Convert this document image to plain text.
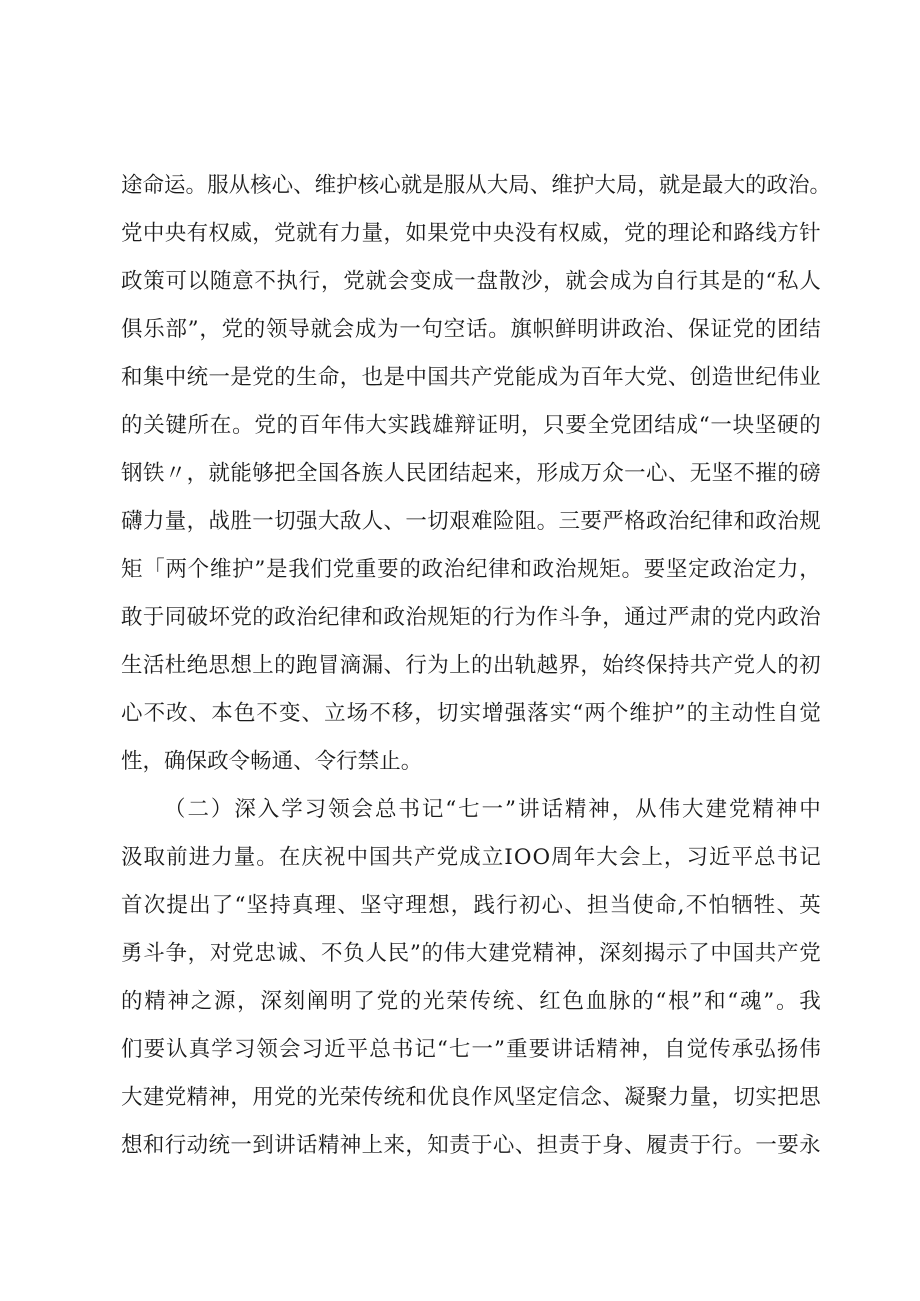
途 命 运 。 服 从 核 心 、 维 护 核 心 就 是 服 从 大 局 、 维 护 大 局 ， 就 是 最 大 的 政 治 。
党 中 央 有 权 威 ， 党 就 有 力 量 ， 如 果 党 中 央 没 有 权 威 ， 党 的 理 论 和 路 线 方 针
政 策 可 以 随 意 不 执 行 ， 党 就 会 变 成 一 盘 散 沙 ， 就 会 成 为 自 行 其 是 的 “ 私 人
俱 乐 部 ” ， 党 的 领 导 就 会 成 为 一 句 空 话 。 旗 帜 鲜 明 讲 政 治 、 保 证 党 的 团 结
和 集 中 统 一 是 党 的 生 命 ， 也 是 中 国 共 产 党 能 成 为 百 年 大 党 、 创 造 世 纪 伟 业
的 关 键 所 在 。 党 的 百 年 伟 大 实 践 雄 辩 证 明 ， 只 要 全 党 团 结 成 “ 一 块 坚 硬 的
钢 铁 〃 ， 就 能 够 把 全 国 各 族 人 民 团 结 起 来 ， 形 成 万 众 一 心 、 无 坚 不 摧 的 磅
礴 力 量 ， 战 胜 一 切 强 大 敌 人 、 一 切 艰 难 险 阻 。 三 要 严 格 政 治 纪 律 和 政 治 规
矩 「 两 个 维 护 ” 是 我 们 党 重 要 的 政 治 纪 律 和 政 治 规 矩 。 要 坚 定 政 治 定 力 ，
敢 于 同 破 坏 党 的 政 治 纪 律 和 政 治 规 矩 的 行 为 作 斗 争 ， 通 过 严 肃 的 党 内 政 治
生 活 杜 绝 思 想 上 的 跑 冒 滴 漏 、 行 为 上 的 出 轨 越 界 ， 始 终 保 持 共 产 党 人 的 初
心 不 改 、 本 色 不 变 、 立 场 不 移 ， 切 实 增 强 落 实 “ 两 个 维 护 ” 的 主 动 性 自 觉
性 ， 确 保 政 令 畅 通 、 令 行 禁 止 。
（ 二 ） 深 入 学 习 领 会 总 书 记 “ 七 一 ” 讲 话 精 神 ， 从 伟 大 建 党 精 神 中
汲 取 前 进 力 量 。 在 庆 祝 中 国 共 产 党 成 立 I O O 周 年 大 会 上 ， 习 近 平 总 书 记
首 次 提 出 了 “ 坚 持 真 理 、 坚 守 理 想 ， 践 行 初 心 、 担 当 使 命 , 不 怕 牺 牲 、 英
勇 斗 争 ， 对 党 忠 诚 、 不 负 人 民 ” 的 伟 大 建 党 精 神 ， 深 刻 揭 示 了 中 国 共 产 党
的 精 神 之 源 ， 深 刻 阐 明 了 党 的 光 荣 传 统 、 红 色 血 脉 的 “ 根 ” 和 “ 魂 ” 。 我
们 要 认 真 学 习 领 会 习 近 平 总 书 记 “ 七 一 ” 重 要 讲 话 精 神 ， 自 觉 传 承 弘 扬 伟
大 建 党 精 神 ， 用 党 的 光 荣 传 统 和 优 良 作 风 坚 定 信 念 、 凝 聚 力 量 ， 切 实 把 思
想 和 行 动 统 一 到 讲 话 精 神 上 来 ， 知 责 于 心 、 担 责 于 身 、 履 责 于 行 。 一 要 永
